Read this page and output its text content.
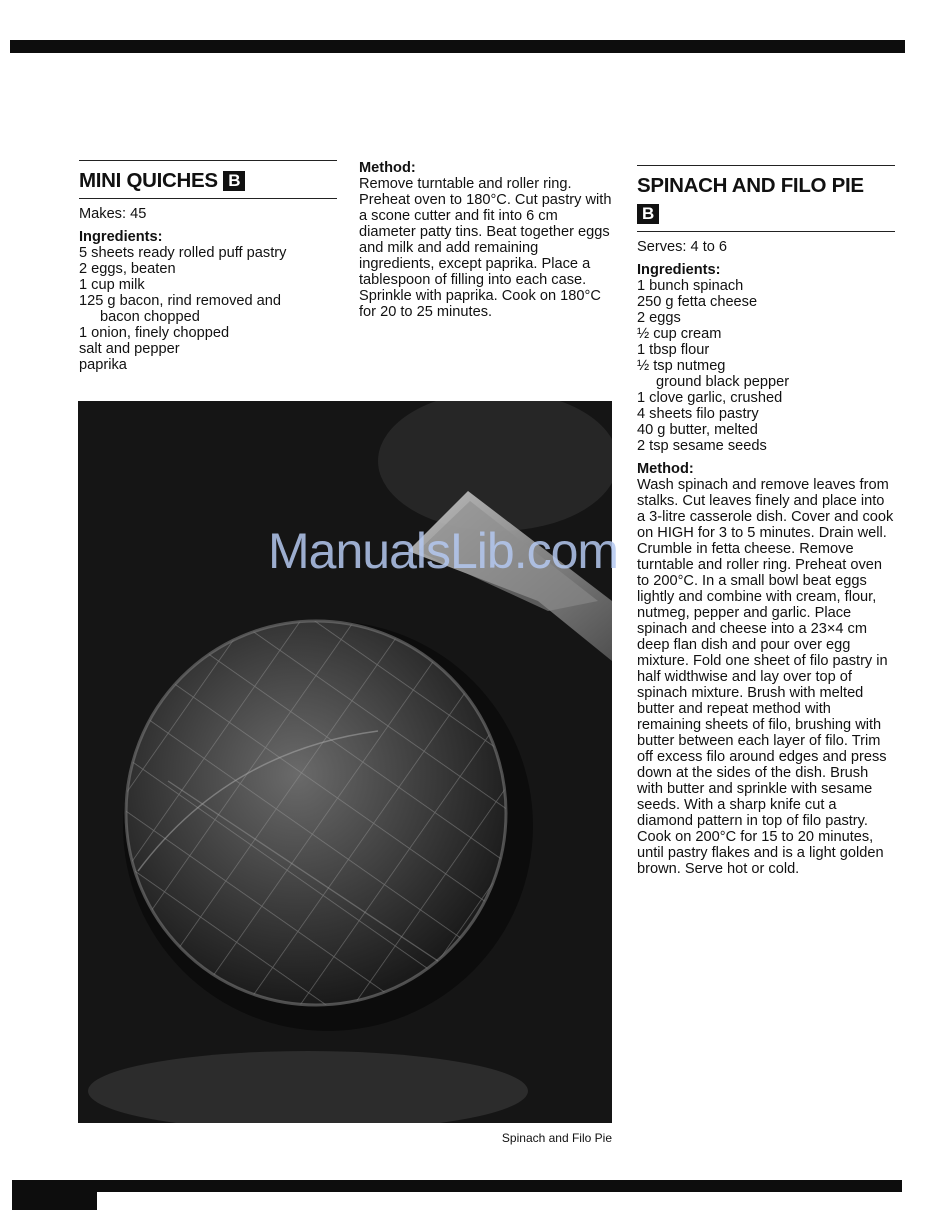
MINI QUICHES B
Makes: 45
Ingredients:
5 sheets ready rolled puff pastry
2 eggs, beaten
1 cup milk
125 g bacon, rind removed and
bacon chopped
1 onion, finely chopped
salt and pepper
paprika
Method:

Remove turntable and roller ring. Preheat oven to 180°C. Cut pastry with a scone cutter and fit into 6 cm diameter patty tins. Beat together eggs and milk and add remaining ingredients, except paprika. Place a tablespoon of filling into each case. Sprinkle with paprika. Cook on 180°C for 20 to 25 minutes.

SPINACH AND FILO PIE
B
Serves: 4 to 6
Ingredients:
1 bunch spinach
250 g fetta cheese
2 eggs
½ cup cream
1 tbsp flour
½ tsp nutmeg
ground black pepper
1 clove garlic, crushed
4 sheets filo pastry
40 g butter, melted
2 tsp sesame seeds
Method:

Wash spinach and remove leaves from stalks. Cut leaves finely and place into a 3-litre casserole dish. Cover and cook on HIGH for 3 to 5 minutes. Drain well. Crumble in fetta cheese. Remove turntable and roller ring. Preheat oven to 200°C. In a small bowl beat eggs lightly and combine with cream, flour, nutmeg, pepper and garlic. Place spinach and cheese into a 23×4 cm deep flan dish and pour over egg mixture. Fold one sheet of filo pastry in half widthwise and lay over top of spinach mixture. Brush with melted butter and repeat method with remaining sheets of filo, brushing with butter between each layer of filo. Trim off excess filo around edges and press down at the sides of the dish. Brush with butter and sprinkle with sesame seeds. With a sharp knife cut a diamond pattern in top of filo pastry. Cook on 200°C for 15 to 20 minutes, until pastry flakes and is a light golden brown. Serve hot or cold.

Spinach and Filo Pie
ManualsLib.com
